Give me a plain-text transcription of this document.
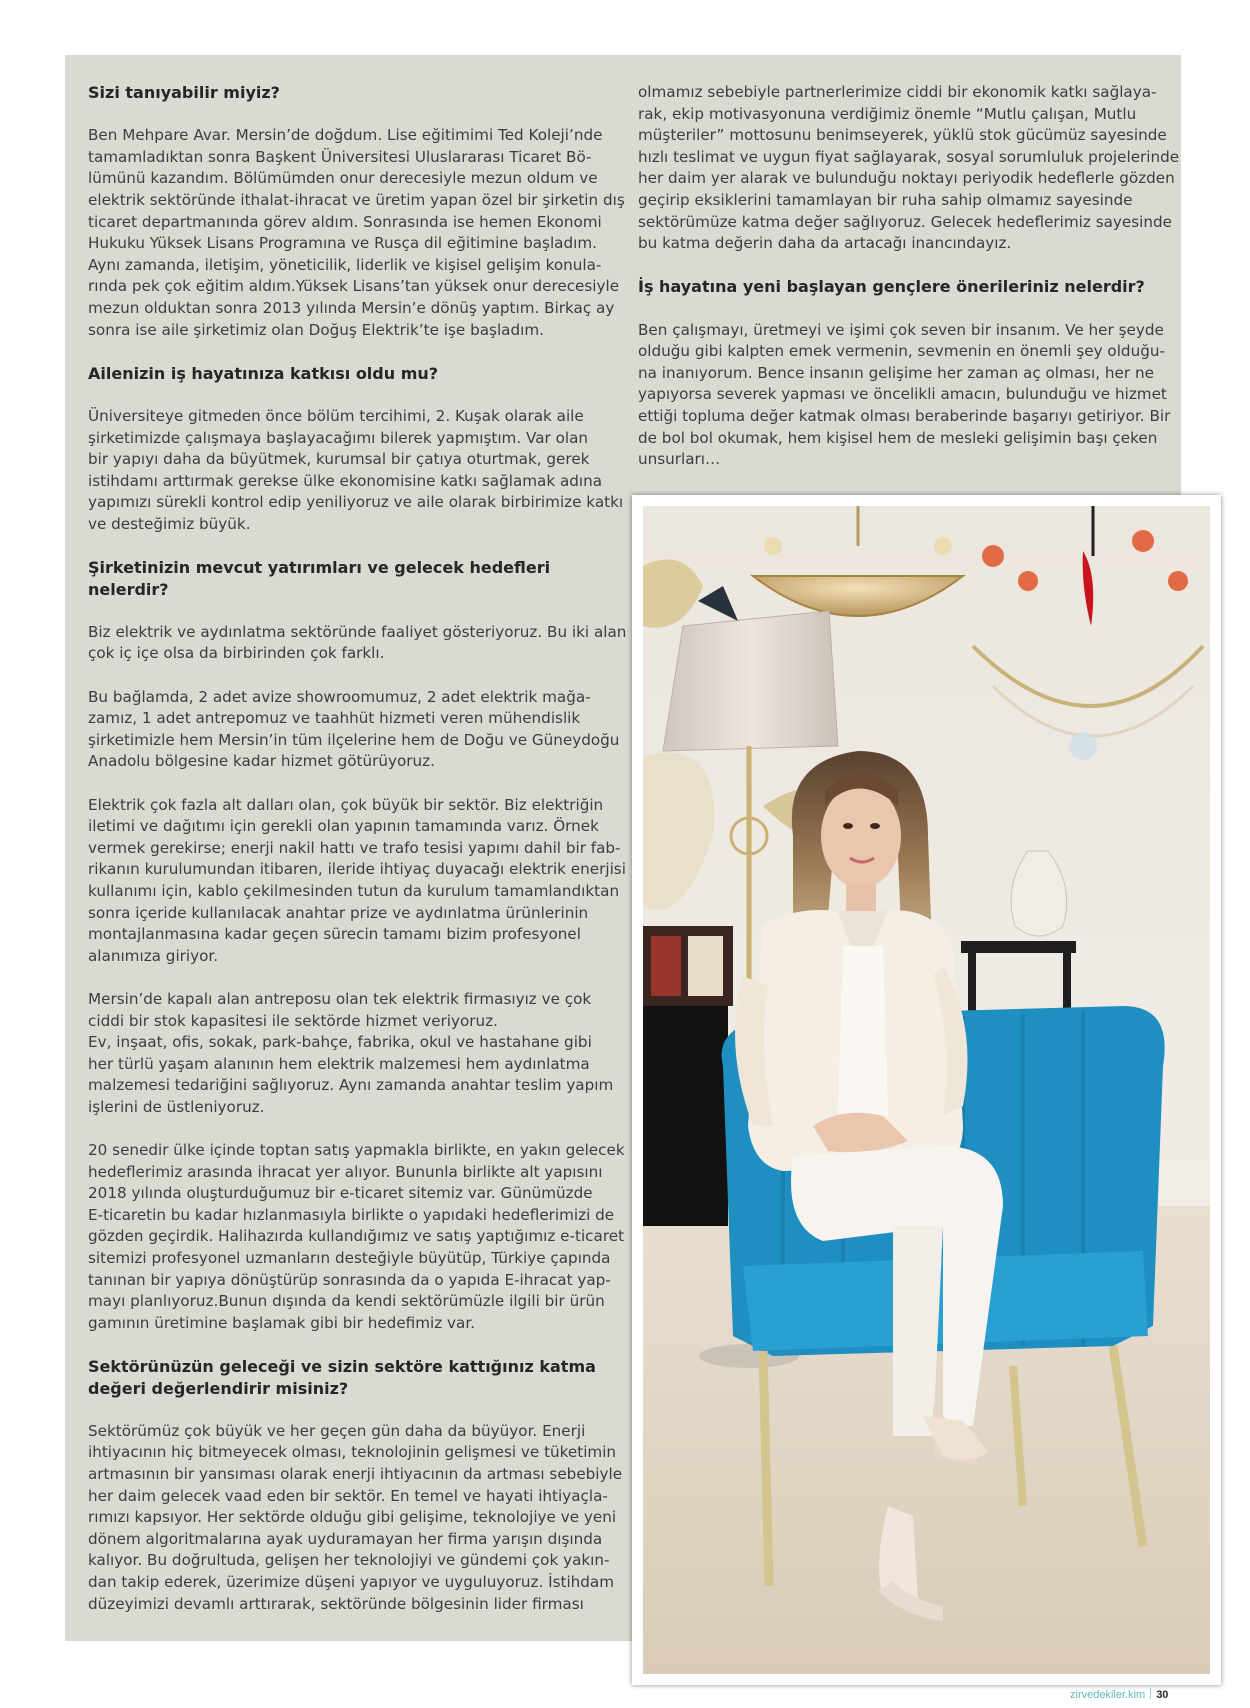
Sizi tanıyabilir miyiz?

Ben Mehpare Avar. Mersin’de doğdum. Lise eğitimimi Ted Koleji’nde

tamamladıktan sonra Başkent Üniversitesi Uluslararası Ticaret Bö-

lümünü kazandım. Bölümümden onur derecesiyle mezun oldum ve

elektrik sektöründe ithalat-ihracat ve üretim yapan özel bir şirketin dış

ticaret departmanında görev aldım. Sonrasında ise hemen Ekonomi

Hukuku Yüksek Lisans Programına ve Rusça dil eğitimine başladım.

Aynı zamanda, iletişim, yöneticilik, liderlik ve kişisel gelişim konula-

rında pek çok eğitim aldım.Yüksek Lisans’tan yüksek onur derecesiyle

mezun olduktan sonra 2013 yılında Mersin’e dönüş yaptım. Birkaç ay

sonra ise aile şirketimiz olan Doğuş Elektrik’te işe başladım.

Ailenizin iş hayatınıza katkısı oldu mu?

Üniversiteye gitmeden önce bölüm tercihimi, 2. Kuşak olarak aile

şirketimizde çalışmaya başlayacağımı bilerek yapmıştım. Var olan

bir yapıyı daha da büyütmek, kurumsal bir çatıya oturtmak, gerek

istihdamı arttırmak gerekse ülke ekonomisine katkı sağlamak adına

yapımızı sürekli kontrol edip yeniliyoruz ve aile olarak birbirimize katkı

ve desteğimiz büyük.

Şirketinizin mevcut yatırımları ve gelecek hedefleri
nelerdir?

Biz elektrik ve aydınlatma sektöründe faaliyet gösteriyoruz. Bu iki alan

çok iç içe olsa da birbirinden çok farklı.

Bu bağlamda, 2 adet avize showroomumuz, 2 adet elektrik mağa-

zamız, 1 adet antrepomuz ve taahhüt hizmeti veren mühendislik

şirketimizle hem Mersin’in tüm ilçelerine hem de Doğu ve Güneydoğu

Anadolu bölgesine kadar hizmet götürüyoruz.

Elektrik çok fazla alt dalları olan, çok büyük bir sektör. Biz elektriğin

iletimi ve dağıtımı için gerekli olan yapının tamamında varız. Örnek

vermek gerekirse; enerji nakil hattı ve trafo tesisi yapımı dahil bir fab-

rikanın kurulumundan itibaren, ileride ihtiyaç duyacağı elektrik enerjisi

kullanımı için, kablo çekilmesinden tutun da kurulum tamamlandıktan

sonra içeride kullanılacak anahtar prize ve aydınlatma ürünlerinin

montajlanmasına kadar geçen sürecin tamamı bizim profesyonel

alanımıza giriyor.

Mersin’de kapalı alan antreposu olan tek elektrik firmasıyız ve çok

ciddi bir stok kapasitesi ile sektörde hizmet veriyoruz.

Ev, inşaat, ofis, sokak, park-bahçe, fabrika, okul ve hastahane gibi

her türlü yaşam alanının hem elektrik malzemesi hem aydınlatma

malzemesi tedariğini sağlıyoruz. Aynı zamanda anahtar teslim yapım

işlerini de üstleniyoruz.

20 senedir ülke içinde toptan satış yapmakla birlikte, en yakın gelecek

hedeflerimiz arasında ihracat yer alıyor. Bununla birlikte alt yapısını

2018 yılında oluşturduğumuz bir e-ticaret sitemiz var. Günümüzde

E-ticaretin bu kadar hızlanmasıyla birlikte o yapıdaki hedeflerimizi de

gözden geçirdik. Halihazırda kullandığımız ve satış yaptığımız e-ticaret

sitemizi profesyonel uzmanların desteğiyle büyütüp, Türkiye çapında

tanınan bir yapıya dönüştürüp sonrasında da o yapıda E-ihracat yap-

mayı planlıyoruz.Bunun dışında da kendi sektörümüzle ilgili bir ürün

gamının üretimine başlamak gibi bir hedefimiz var.

Sektörünüzün geleceği ve sizin sektöre kattığınız katma
değeri değerlendirir misiniz?

Sektörümüz çok büyük ve her geçen gün daha da büyüyor. Enerji

ihtiyacının hiç bitmeyecek olması, teknolojinin gelişmesi ve tüketimin

artmasının bir yansıması olarak enerji ihtiyacının da artması sebebiyle

her daim gelecek vaad eden bir sektör. En temel ve hayati ihtiyaçla-

rımızı kapsıyor. Her sektörde olduğu gibi gelişime, teknolojiye ve yeni

dönem algoritmalarına ayak uyduramayan her firma yarışın dışında

kalıyor. Bu doğrultuda, gelişen her teknolojiyi ve gündemi çok yakın-

dan takip ederek, üzerimize düşeni yapıyor ve uyguluyoruz. İstihdam

düzeyimizi devamlı arttırarak, sektöründe bölgesinin lider firması

olmamız sebebiyle partnerlerimize ciddi bir ekonomik katkı sağlaya-

rak, ekip motivasyonuna verdiğimiz önemle “Mutlu çalışan, Mutlu

müşteriler” mottosunu benimseyerek, yüklü stok gücümüz sayesinde

hızlı teslimat ve uygun fiyat sağlayarak, sosyal sorumluluk projelerinde

her daim yer alarak ve bulunduğu noktayı periyodik hedeflerle gözden

geçirip eksiklerini tamamlayan bir ruha sahip olmamız sayesinde

sektörümüze katma değer sağlıyoruz. Gelecek hedeflerimiz sayesinde

bu katma değerin daha da artacağı inancındayız.

İş hayatına yeni başlayan gençlere önerileriniz nelerdir?

Ben çalışmayı, üretmeyi ve işimi çok seven bir insanım. Ve her şeyde

olduğu gibi kalpten emek vermenin, sevmenin en önemli şey olduğu-

na inanıyorum. Bence insanın gelişime her zaman aç olması, her ne

yapıyorsa severek yapması ve öncelikli amacın, bulunduğu ve hizmet

ettiği topluma değer katmak olması beraberinde başarıyı getiriyor. Bir

de bol bol okumak, hem kişisel hem de mesleki gelişimin başı çeken

unsurları…

zirvedekiler.kim 30
